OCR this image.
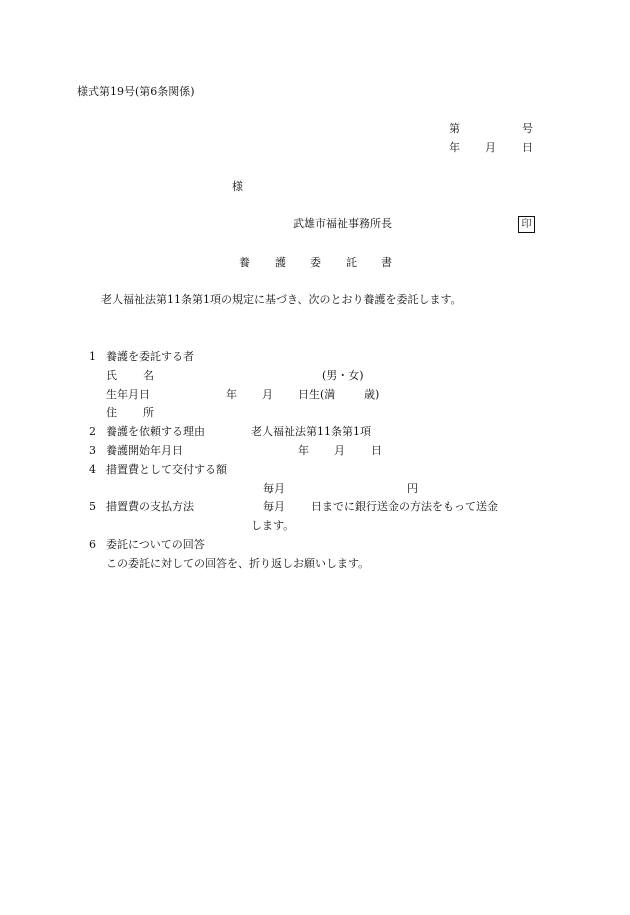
様式第19号(第6条関係)
第	号
年 月 日
様
武雄市福祉事務所長	印
養 護 委 託 書
老人福祉法第11条第1項の規定に基づき、次のとおり養護を委託します。
1 養護を委託する者
氏 名	(男・女)
生年月日	年 月 日生(満	歳)
住 所
2 養護を依頼する理由	老人福祉法第11条第1項
3 養護開始年月日	年 月 日
4 措置費として交付する額
毎月	円
5 措置費の支払方法	毎月 日までに銀行送金の方法をもって送金
します。
6 委託についての回答
この委託に対しての回答を、折り返しお願いします。
